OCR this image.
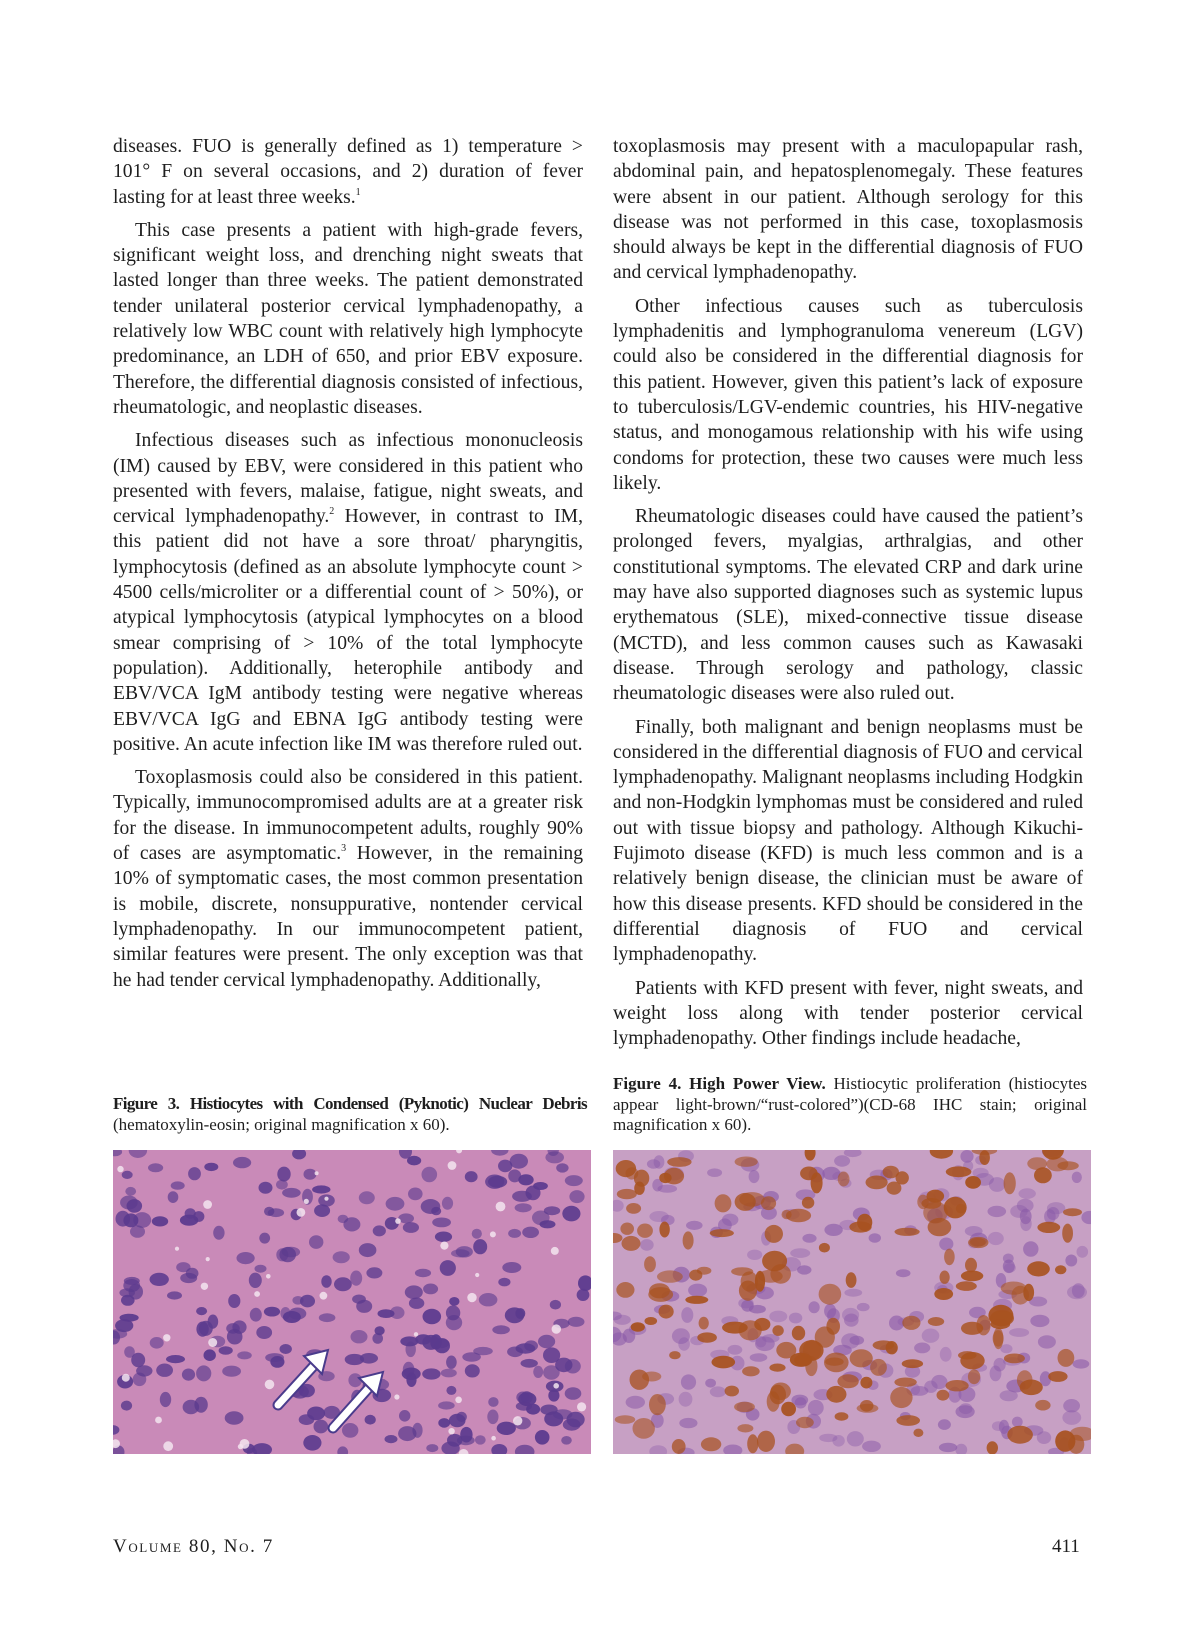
diseases. FUO is generally defined as 1) temperature > 101° F on several occasions, and 2) duration of fever lasting for at least three weeks.$^1$

This case presents a patient with high-grade fevers, significant weight loss, and drenching night sweats that lasted longer than three weeks. The patient demonstrated tender unilateral posterior cervical lymphadenopathy, a relatively low WBC count with relatively high lymphocyte predominance, an LDH of 650, and prior EBV exposure. Therefore, the differential diagnosis consisted of infectious, rheumatologic, and neoplastic diseases.

Infectious diseases such as infectious mononucleosis (IM) caused by EBV, were considered in this patient who presented with fevers, malaise, fatigue, night sweats, and cervical lymphadenopathy.$^2$ However, in contrast to IM, this patient did not have a sore throat/ pharyngitis, lymphocytosis (defined as an absolute lymphocyte count > 4500 cells/microliter or a differential count of > 50%), or atypical lymphocytosis (atypical lymphocytes on a blood smear comprising of > 10% of the total lymphocyte population). Additionally, heterophile antibody and EBV/VCA IgM antibody testing were negative whereas EBV/VCA IgG and EBNA IgG antibody testing were positive. An acute infection like IM was therefore ruled out.

Toxoplasmosis could also be considered in this patient. Typically, immunocompromised adults are at a greater risk for the disease. In immunocompetent adults, roughly 90% of cases are asymptomatic.$^3$ However, in the remaining 10% of symptomatic cases, the most common presentation is mobile, discrete, nonsuppurative, nontender cervical lymphadenopathy. In our immunocompetent patient, similar features were present. The only exception was that he had tender cervical lymphadenopathy. Additionally,

toxoplasmosis may present with a maculopapular rash, abdominal pain, and hepatosplenomegaly. These features were absent in our patient. Although serology for this disease was not performed in this case, toxoplasmosis should always be kept in the differential diagnosis of FUO and cervical lymphadenopathy.

Other infectious causes such as tuberculosis lymphadenitis and lymphogranuloma venereum (LGV) could also be considered in the differential diagnosis for this patient. However, given this patient’s lack of exposure to tuberculosis/LGV-endemic countries, his HIV-negative status, and monogamous relationship with his wife using condoms for protection, these two causes were much less likely.

Rheumatologic diseases could have caused the patient’s prolonged fevers, myalgias, arthralgias, and other constitutional symptoms. The elevated CRP and dark urine may have also supported diagnoses such as systemic lupus erythematous (SLE), mixed-connective tissue disease (MCTD), and less common causes such as Kawasaki disease. Through serology and pathology, classic rheumatologic diseases were also ruled out.

Finally, both malignant and benign neoplasms must be considered in the differential diagnosis of FUO and cervical lymphadenopathy. Malignant neoplasms including Hodgkin and non-Hodgkin lymphomas must be considered and ruled out with tissue biopsy and pathology. Although Kikuchi-Fujimoto disease (KFD) is much less common and is a relatively benign disease, the clinician must be aware of how this disease presents. KFD should be considered in the differential diagnosis of FUO and cervical lymphadenopathy.

Patients with KFD present with fever, night sweats, and weight loss along with tender posterior cervical lymphadenopathy. Other findings include headache,

Figure 3. Histiocytes with Condensed (Pyknotic) Nuclear Debris (hematoxylin-eosin; original magnification x 60).
Figure 4. High Power View. Histiocytic proliferation (histiocytes appear light-brown/“rust-colored”)(CD-68 IHC stain; original magnification x 60).
Volume 80, No. 7	411
